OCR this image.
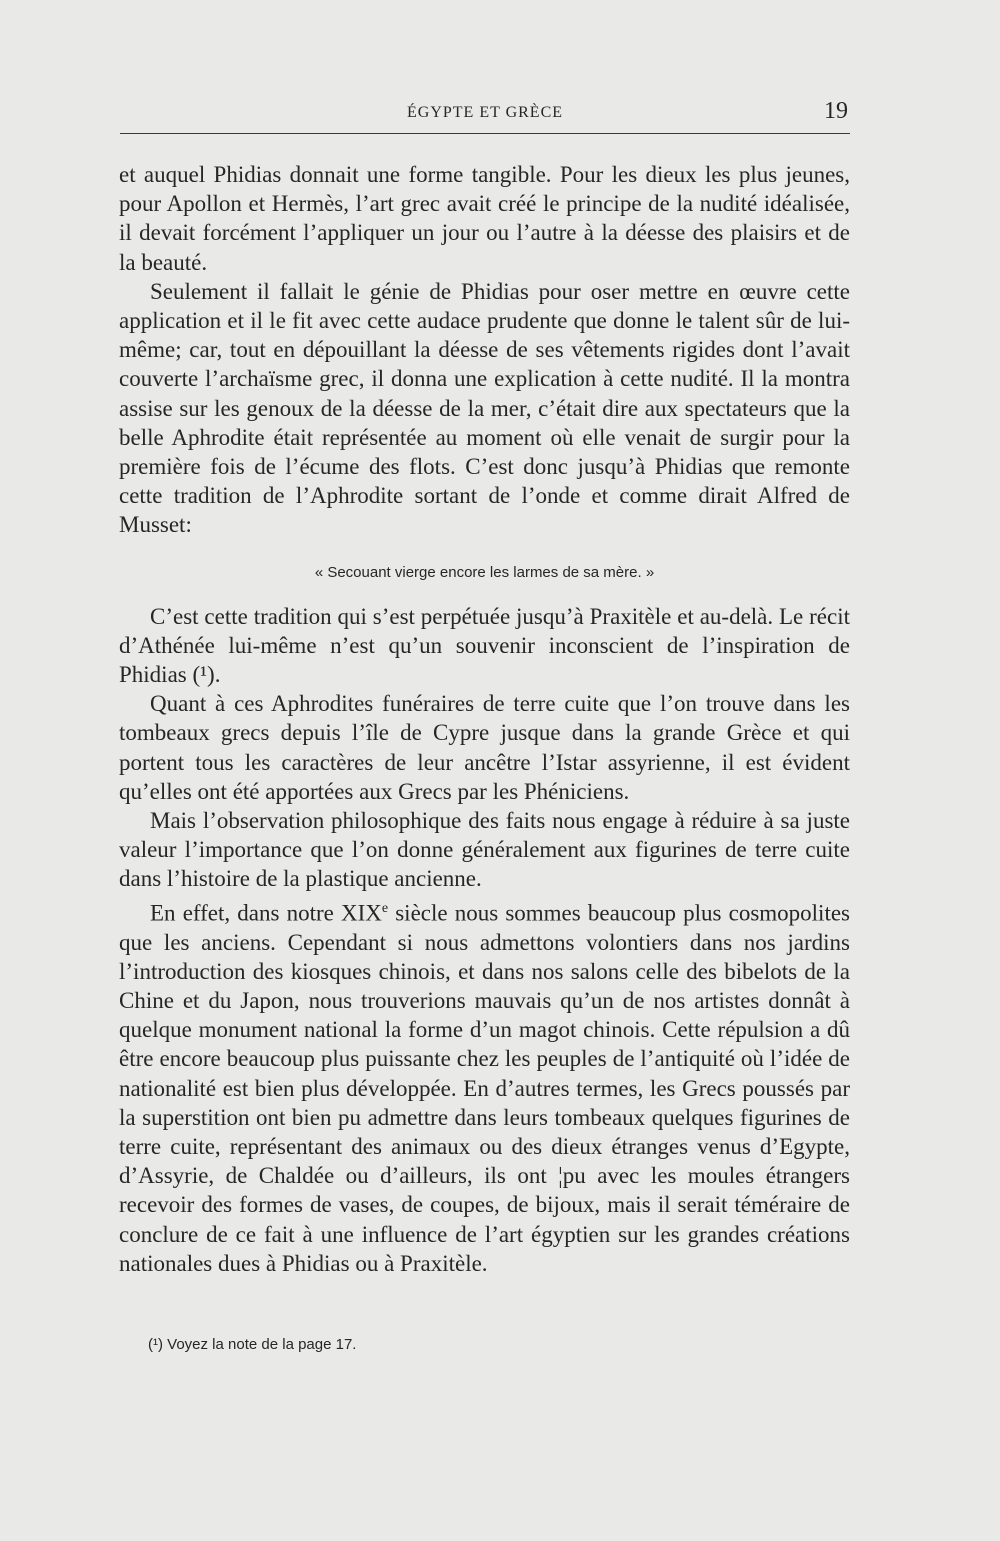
ÉGYPTE ET GRÈCE	19

et auquel Phidias donnait une forme tangible. Pour les dieux les plus jeunes, pour Apollon et Hermès, l’art grec avait créé le principe de la nudité idéalisée, il devait forcément l’appliquer un jour ou l’autre à la déesse des plaisirs et de la beauté.

Seulement il fallait le génie de Phidias pour oser mettre en œuvre cette application et il le fit avec cette audace prudente que donne le talent sûr de lui-même; car, tout en dépouillant la déesse de ses vêtements rigides dont l’avait couverte l’archaïsme grec, il donna une explication à cette nudité. Il la montra assise sur les genoux de la déesse de la mer, c’était dire aux spectateurs que la belle Aphrodite était représentée au moment où elle venait de surgir pour la première fois de l’écume des flots. C’est donc jusqu’à Phidias que remonte cette tradition de l’Aphrodite sortant de l’onde et comme dirait Alfred de Musset:

« Secouant vierge encore les larmes de sa mère. »

C’est cette tradition qui s’est perpétuée jusqu’à Praxitèle et au-delà. Le récit d’Athénée lui-même n’est qu’un souvenir inconscient de l’inspiration de Phidias (¹).

Quant à ces Aphrodites funéraires de terre cuite que l’on trouve dans les tombeaux grecs depuis l’île de Cypre jusque dans la grande Grèce et qui portent tous les caractères de leur ancêtre l’Istar assyrienne, il est évident qu’elles ont été apportées aux Grecs par les Phéniciens.

Mais l’observation philosophique des faits nous engage à réduire à sa juste valeur l’importance que l’on donne généralement aux figurines de terre cuite dans l’histoire de la plastique ancienne.

En effet, dans notre XIXe siècle nous sommes beaucoup plus cosmopolites que les anciens. Cependant si nous admettons volontiers dans nos jardins l’introduction des kiosques chinois, et dans nos salons celle des bibelots de la Chine et du Japon, nous trouverions mauvais qu’un de nos artistes donnât à quelque monument national la forme d’un magot chinois. Cette répulsion a dû être encore beaucoup plus puissante chez les peuples de l’antiquité où l’idée de nationalité est bien plus développée. En d’autres termes, les Grecs poussés par la superstition ont bien pu admettre dans leurs tombeaux quelques figurines de terre cuite, représentant des animaux ou des dieux étranges venus d’Egypte, d’Assyrie, de Chaldée ou d’ailleurs, ils ont ¦pu avec les moules étrangers recevoir des formes de vases, de coupes, de bijoux, mais il serait téméraire de conclure de ce fait à une influence de l’art égyptien sur les grandes créations nationales dues à Phidias ou à Praxitèle.

(¹) Voyez la note de la page 17.
